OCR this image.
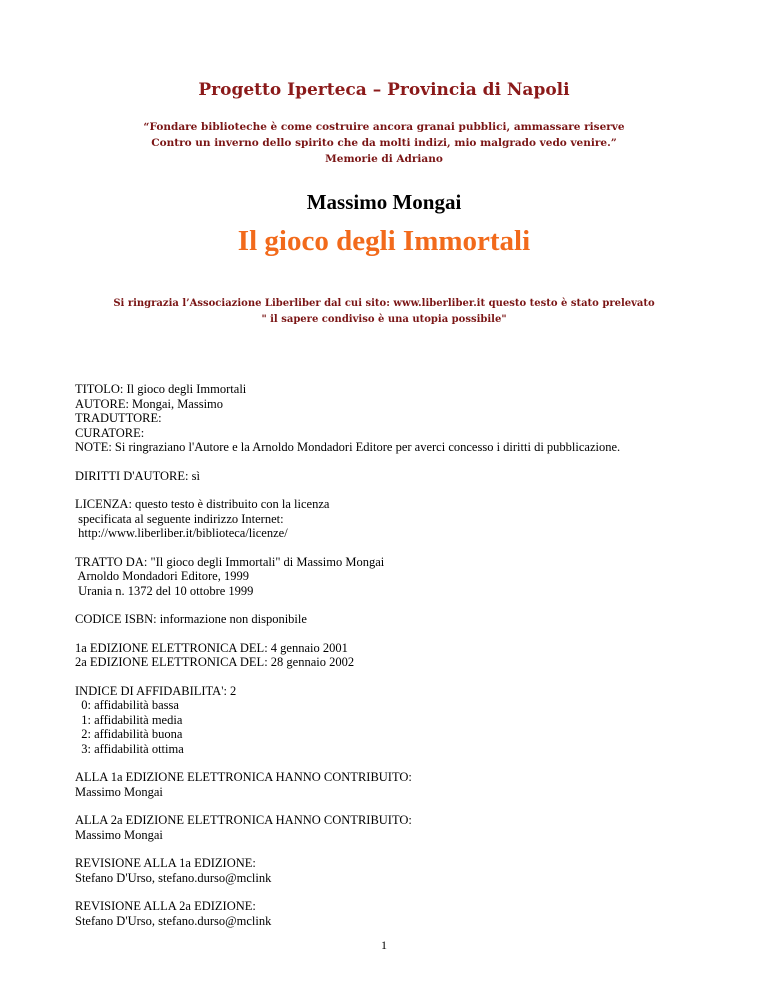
Progetto Iperteca – Provincia di Napoli
“Fondare biblioteche è come costruire ancora granai pubblici, ammassare riserve
Contro un inverno dello spirito che da molti indizi, mio malgrado vedo venire.”
Memorie di Adriano
Massimo Mongai
Il gioco degli Immortali
Si ringrazia l’Associazione Liberliber dal cui sito: www.liberliber.it questo testo è stato prelevato
" il sapere condiviso è una utopia possibile"
TITOLO: Il gioco degli Immortali
AUTORE: Mongai, Massimo
TRADUTTORE:
CURATORE:
NOTE: Si ringraziano l'Autore e la Arnoldo Mondadori Editore per averci concesso i diritti di pubblicazione.
DIRITTI D'AUTORE: sì
LICENZA: questo testo è distribuito con la licenza
specificata al seguente indirizzo Internet:
http://www.liberliber.it/biblioteca/licenze/
TRATTO DA: "Il gioco degli Immortali" di Massimo Mongai
Arnoldo Mondadori Editore, 1999
Urania n. 1372 del 10 ottobre 1999
CODICE ISBN: informazione non disponibile
1a EDIZIONE ELETTRONICA DEL: 4 gennaio 2001
2a EDIZIONE ELETTRONICA DEL: 28 gennaio 2002
INDICE DI AFFIDABILITA': 2
0: affidabilità bassa
1: affidabilità media
2: affidabilità buona
3: affidabilità ottima
ALLA 1a EDIZIONE ELETTRONICA HANNO CONTRIBUITO:
Massimo Mongai
ALLA 2a EDIZIONE ELETTRONICA HANNO CONTRIBUITO:
Massimo Mongai
REVISIONE ALLA 1a EDIZIONE:
Stefano D'Urso, stefano.durso@mclink
REVISIONE ALLA 2a EDIZIONE:
Stefano D'Urso, stefano.durso@mclink
1
